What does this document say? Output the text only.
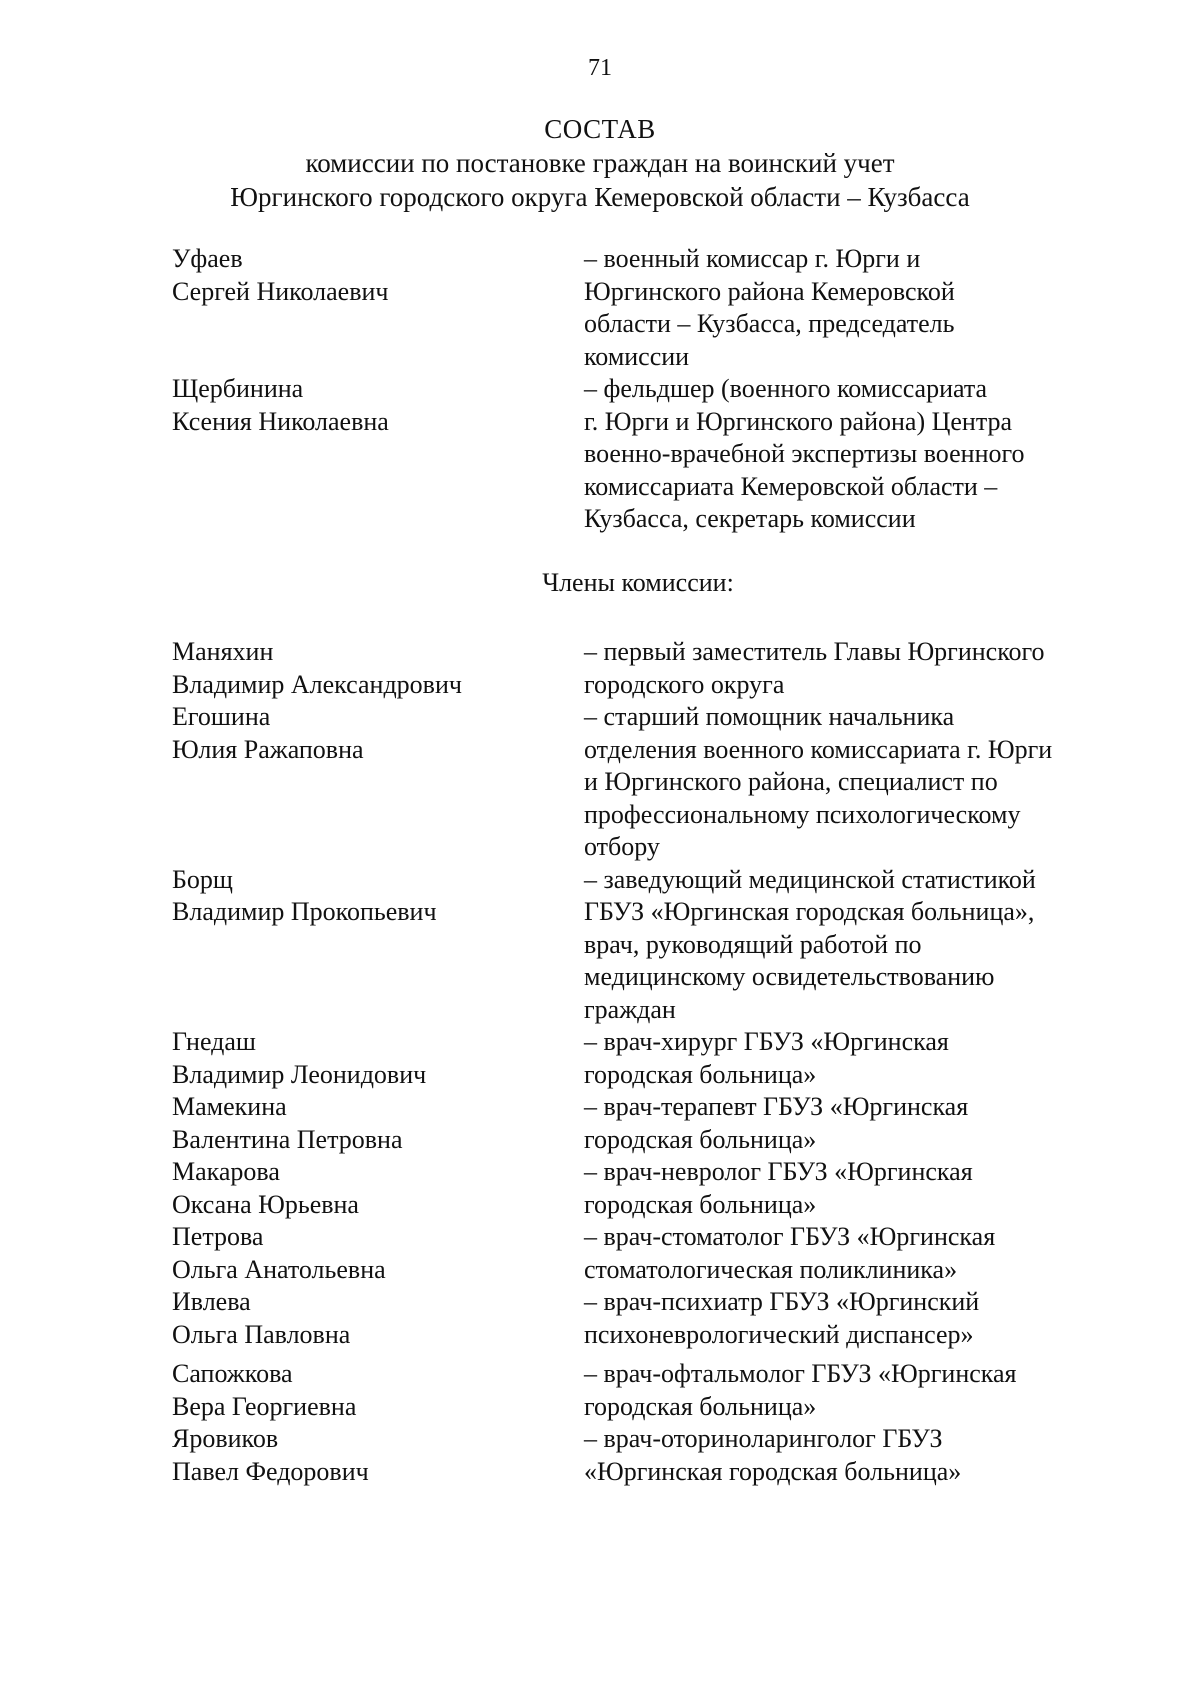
71
СОСТАВ
комиссии по постановке граждан на воинский учет
Юргинского городского округа Кемеровской области – Кузбасса
Уфаев
Сергей Николаевич
– военный комиссар г. Юрги и
Юргинского района Кемеровской
области – Кузбасса, председатель
комиссии
Щербинина
Ксения Николаевна
– фельдшер (военного комиссариата
г. Юрги и Юргинского района) Центра
военно-врачебной экспертизы военного
комиссариата Кемеровской области –
Кузбасса, секретарь комиссии
Члены комиссии:
Маняхин
Владимир Александрович
– первый заместитель Главы Юргинского
городского округа
Егошина
Юлия Ражаповна
– старший помощник начальника
отделения военного комиссариата г. Юрги
и Юргинского района, специалист по
профессиональному психологическому
отбору
Борщ
Владимир Прокопьевич
– заведующий медицинской статистикой
ГБУЗ «Юргинская городская больница»,
врач, руководящий работой по
медицинскому освидетельствованию
граждан
Гнедаш
Владимир Леонидович
– врач-хирург ГБУЗ «Юргинская
городская больница»
Мамекина
Валентина Петровна
– врач-терапевт ГБУЗ «Юргинская
городская больница»
Макарова
Оксана Юрьевна
– врач-невролог ГБУЗ «Юргинская
городская больница»
Петрова
Ольга Анатольевна
– врач-стоматолог ГБУЗ «Юргинская
стоматологическая поликлиника»
Ивлева
Ольга Павловна
– врач-психиатр ГБУЗ «Юргинский
психоневрологический диспансер»
Сапожкова
Вера Георгиевна
– врач-офтальмолог ГБУЗ «Юргинская
городская больница»
Яровиков
Павел Федорович
– врач-оториноларинголог ГБУЗ
«Юргинская городская больница»
